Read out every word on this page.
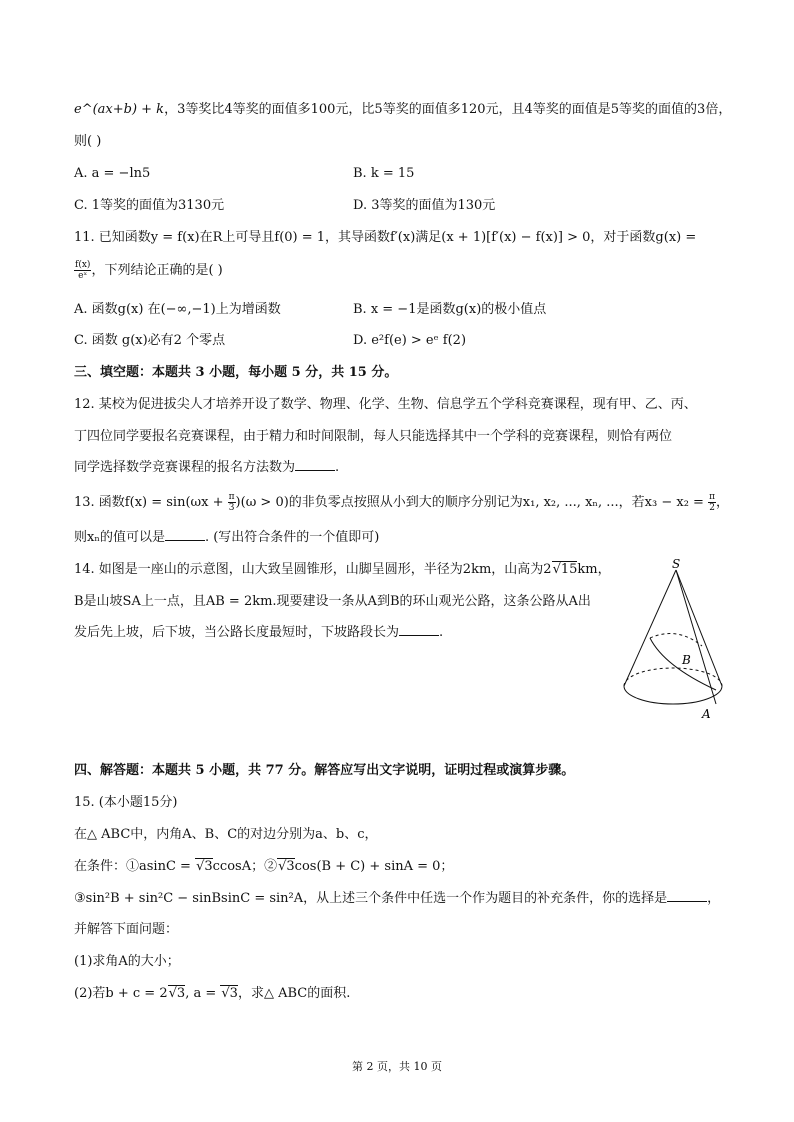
e^(ax+b) + k，3等奖比4等奖的面值多100元，比5等奖的面值多120元，且4等奖的面值是5等奖的面值的3倍，
则( )
A. a = −ln5	B. k = 15
C. 1等奖的面值为3130元	D. 3等奖的面值为130元
11. 已知函数y = f(x)在R上可导且f(0) = 1，其导函数f′(x)满足(x + 1)[f′(x) − f(x)] > 0，对于函数g(x) =
$\frac{f(x)}{\text{eˣ}}$ ，下列结论正确的是( )
A. 函数g(x) 在(−∞,−1)上为增函数	B. x = −1是函数g(x)的极小值点
C. 函数 g(x)必有2 个零点	D. e²f(e) > eᵉ f(2)
三、填空题：本题共 3 小题，每小题 5 分，共 15 分。
12. 某校为促进拔尖人才培养开设了数学、物理、化学、生物、信息学五个学科竞赛课程，现有甲、乙、丙、
丁四位同学要报名竞赛课程，由于精力和时间限制，每人只能选择其中一个学科的竞赛课程，则恰有两位
同学选择数学竞赛课程的报名方法数为	.
13. 函数$f(x) = \sin(\omega x + \frac{\pi}{3} )(\omega > 0)$的非负零点按照从小到大的顺序分别记为x₁, x₂, ..., xₙ, ...，若$x_3 - x_2 = \frac{\pi}{2}$ ，
则xₙ的值可以是	. (写出符合条件的一个值即可)
14. 如图是一座山的示意图，山大致呈圆锥形，山脚呈圆形，半径为2km，山高为2√15km，
B是山坡SA上一点，且AB = 2km.现要建设一条从A到B的环山观光公路，这条公路从A出
发后先上坡，后下坡，当公路长度最短时，下坡路段长为	.
S
B
A
四、解答题：本题共 5 小题，共 77 分。解答应写出文字说明，证明过程或演算步骤。
15. (本小题15分)
在△ ABC中，内角A、B、C的对边分别为a、b、c，
在条件：①asinC = √3ccosA；②√3cos(B + C) + sinA = 0；
③sin²B + sin²C − sinBsinC = sin²A，从上述三个条件中任选一个作为题目的补充条件，你的选择是	，
并解答下面问题：
(1)求角A的大小；
(2)若b + c = 2√3, a = √3，求△ ABC的面积.
第 2 页，共 10 页
